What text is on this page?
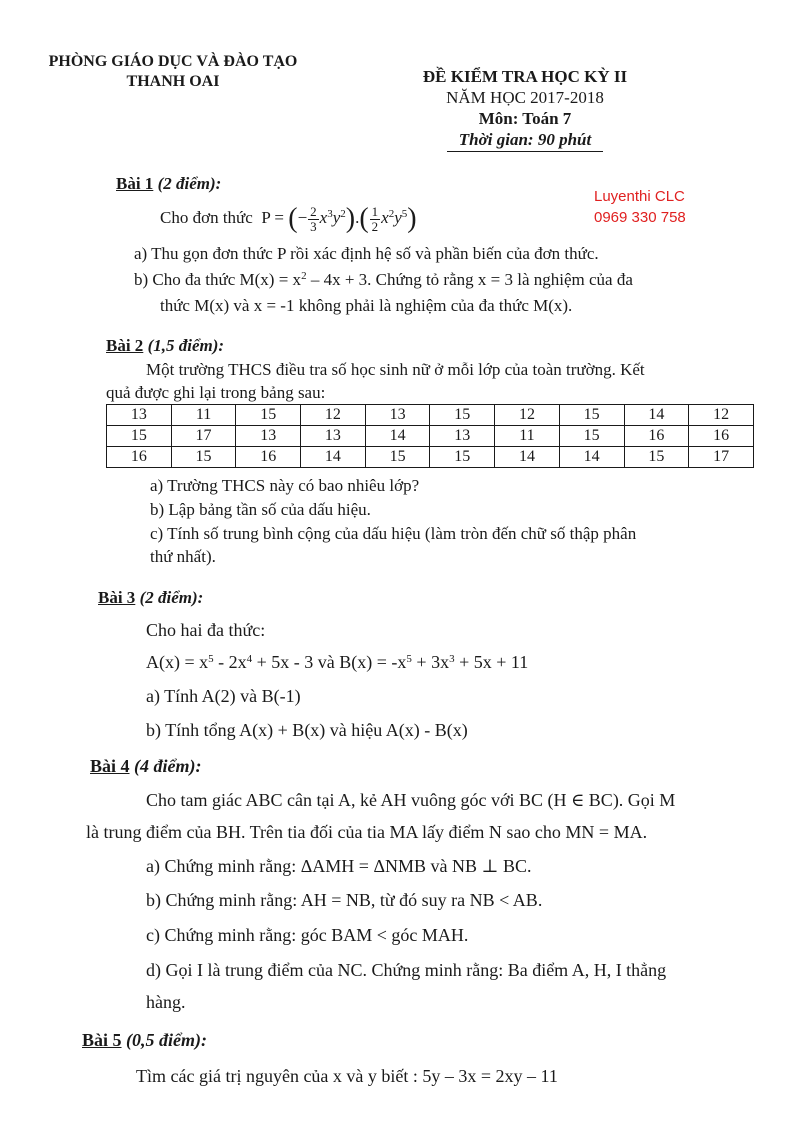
PHÒNG GIÁO DỤC VÀ ĐÀO TẠO
THANH OAI	ĐỀ KIỂM TRA HỌC KỲ II
NĂM HỌC 2017-2018
Môn: Toán 7
Thời gian: 90 phút
Luyenthi CLC
0969 330 758
Bài 1 (2 điểm):
Cho đơn thức P = (− $\frac{2}{3} x^3y^2).( \frac{1}{2} x^2y^5)$
a) Thu gọn đơn thức P rồi xác định hệ số và phần biến của đơn thức.
b) Cho đa thức $M(x) = x^2 - 4x + 3$. Chứng tỏ rằng x = 3 là nghiệm của đa
thức M(x) và x = -1 không phải là nghiệm của đa thức M(x).
Bài 2 (1,5 điểm):
Một trường THCS điều tra số học sinh nữ ở mỗi lớp của toàn trường. Kết
quả được ghi lại trong bảng sau:
13	11	15	12	13	15	12	15	14	12
15	17	13	13	14	13	11	15	16	16
16	15	16	14	15	15	14	14	15	17
a) Trường THCS này có bao nhiêu lớp?
b) Lập bảng tần số của dấu hiệu.
c) Tính số trung bình cộng của dấu hiệu (làm tròn đến chữ số thập phân
thứ nhất).
Bài 3 (2 điểm):
Cho hai đa thức:
$A(x) = x^5 - 2x^4 + 5x - 3$ và $B(x) = -x^5 + 3x^3 + 5x + 11$
a) Tính A(2) và B(-1)
b) Tính tổng A(x) + B(x) và hiệu A(x) - B(x)
Bài 4 (4 điểm):
Cho tam giác ABC cân tại A, kẻ AH vuông góc với BC (H ∈ BC). Gọi M
là trung điểm của BH. Trên tia đối của tia MA lấy điểm N sao cho MN = MA.
a) Chứng minh rằng: ΔAMH = ΔNMB và NB ⊥ BC.
b) Chứng minh rằng: AH = NB, từ đó suy ra NB < AB.
c) Chứng minh rằng: góc BAM < góc MAH.
d) Gọi I là trung điểm của NC. Chứng minh rằng: Ba điểm A, H, I thẳng
hàng.
Bài 5 (0,5 điểm):
Tìm các giá trị nguyên của x và y biết : 5y – 3x = 2xy – 11
